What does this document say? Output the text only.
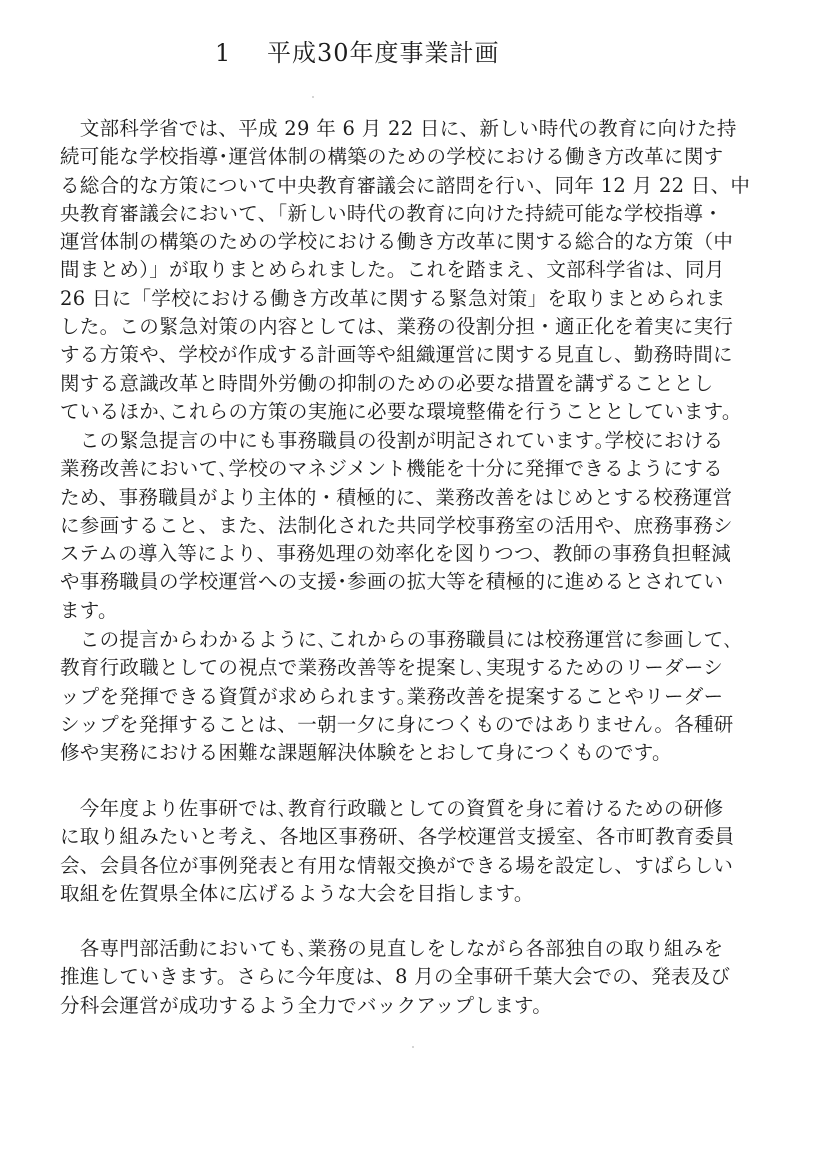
1 平成30年度事業計画

　文部科学省では、平成 29 年 6 月 22 日に、新しい時代の教育に向けた持
続可能な学校指導･運営体制の構築のための学校における働き方改革に関す
る総合的な方策について中央教育審議会に諮問を行い、同年 12 月 22 日、中
央教育審議会において、「新しい時代の教育に向けた持続可能な学校指導・
運営体制の構築のための学校における働き方改革に関する総合的な方策（中
間まとめ）」が取りまとめられました。これを踏まえ、文部科学省は、同月
26 日に「学校における働き方改革に関する緊急対策」を取りまとめられま
した。この緊急対策の内容としては、業務の役割分担・適正化を着実に実行
する方策や、学校が作成する計画等や組織運営に関する見直し、勤務時間に
関する意識改革と時間外労働の抑制のための必要な措置を講ずることとし
ているほか､これらの方策の実施に必要な環境整備を行うこととしています。

　この緊急提言の中にも事務職員の役割が明記されています｡学校における
業務改善において､学校のマネジメント機能を十分に発揮できるようにする
ため、事務職員がより主体的・積極的に、業務改善をはじめとする校務運営
に参画すること、また、法制化された共同学校事務室の活用や、庶務事務シ
ステムの導入等により、事務処理の効率化を図りつつ、教師の事務負担軽減
や事務職員の学校運営への支援･参画の拡大等を積極的に進めるとされてい
ます。

　この提言からわかるように､これからの事務職員には校務運営に参画して､
教育行政職としての視点で業務改善等を提案し､実現するためのリーダーシ
ップを発揮できる資質が求められます｡業務改善を提案することやリーダー
シップを発揮することは、一朝一夕に身につくものではありません。各種研
修や実務における困難な課題解決体験をとおして身につくものです。

　今年度より佐事研では､教育行政職としての資質を身に着けるための研修
に取り組みたいと考え、各地区事務研、各学校運営支援室、各市町教育委員
会、会員各位が事例発表と有用な情報交換ができる場を設定し、すばらしい
取組を佐賀県全体に広げるような大会を目指します。

　各専門部活動においても､業務の見直しをしながら各部独自の取り組みを
推進していきます。さらに今年度は、8 月の全事研千葉大会での、発表及び
分科会運営が成功するよう全力でバックアップします。
